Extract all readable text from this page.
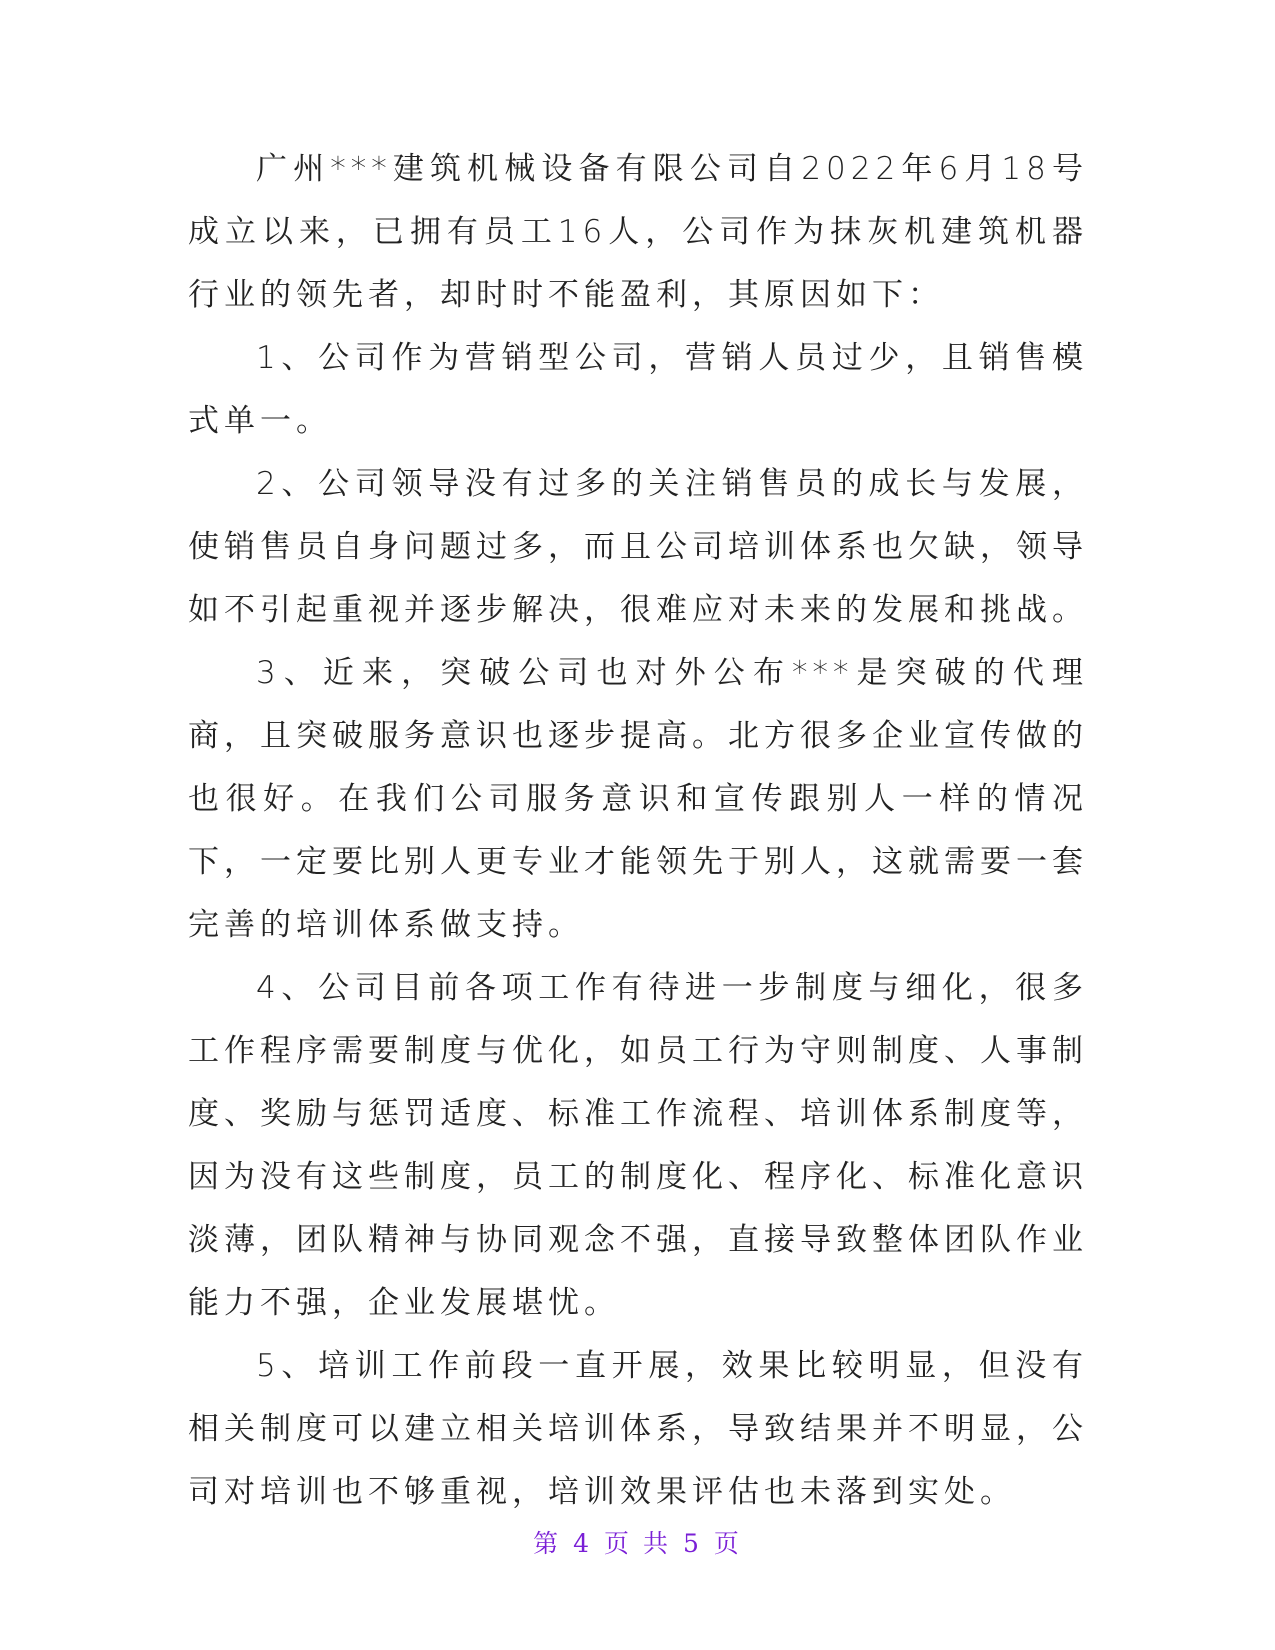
广州***建筑机械设备有限公司自2022年6月18号成立以来，已拥有员工16人，公司作为抹灰机建筑机器行业的领先者，却时时不能盈利，其原因如下：

1、公司作为营销型公司，营销人员过少，且销售模式单一。

2、公司领导没有过多的关注销售员的成长与发展，使销售员自身问题过多，而且公司培训体系也欠缺，领导如不引起重视并逐步解决，很难应对未来的发展和挑战。

3、近来，突破公司也对外公布***是突破的代理商，且突破服务意识也逐步提高。北方很多企业宣传做的也很好。在我们公司服务意识和宣传跟别人一样的情况下，一定要比别人更专业才能领先于别人，这就需要一套完善的培训体系做支持。

4、公司目前各项工作有待进一步制度与细化，很多工作程序需要制度与优化，如员工行为守则制度、人事制度、奖励与惩罚适度、标准工作流程、培训体系制度等，因为没有这些制度，员工的制度化、程序化、标准化意识淡薄，团队精神与协同观念不强，直接导致整体团队作业能力不强，企业发展堪忧。

5、培训工作前段一直开展，效果比较明显，但没有相关制度可以建立相关培训体系，导致结果并不明显，公司对培训也不够重视，培训效果评估也未落到实处。

第 4 页 共 5 页
